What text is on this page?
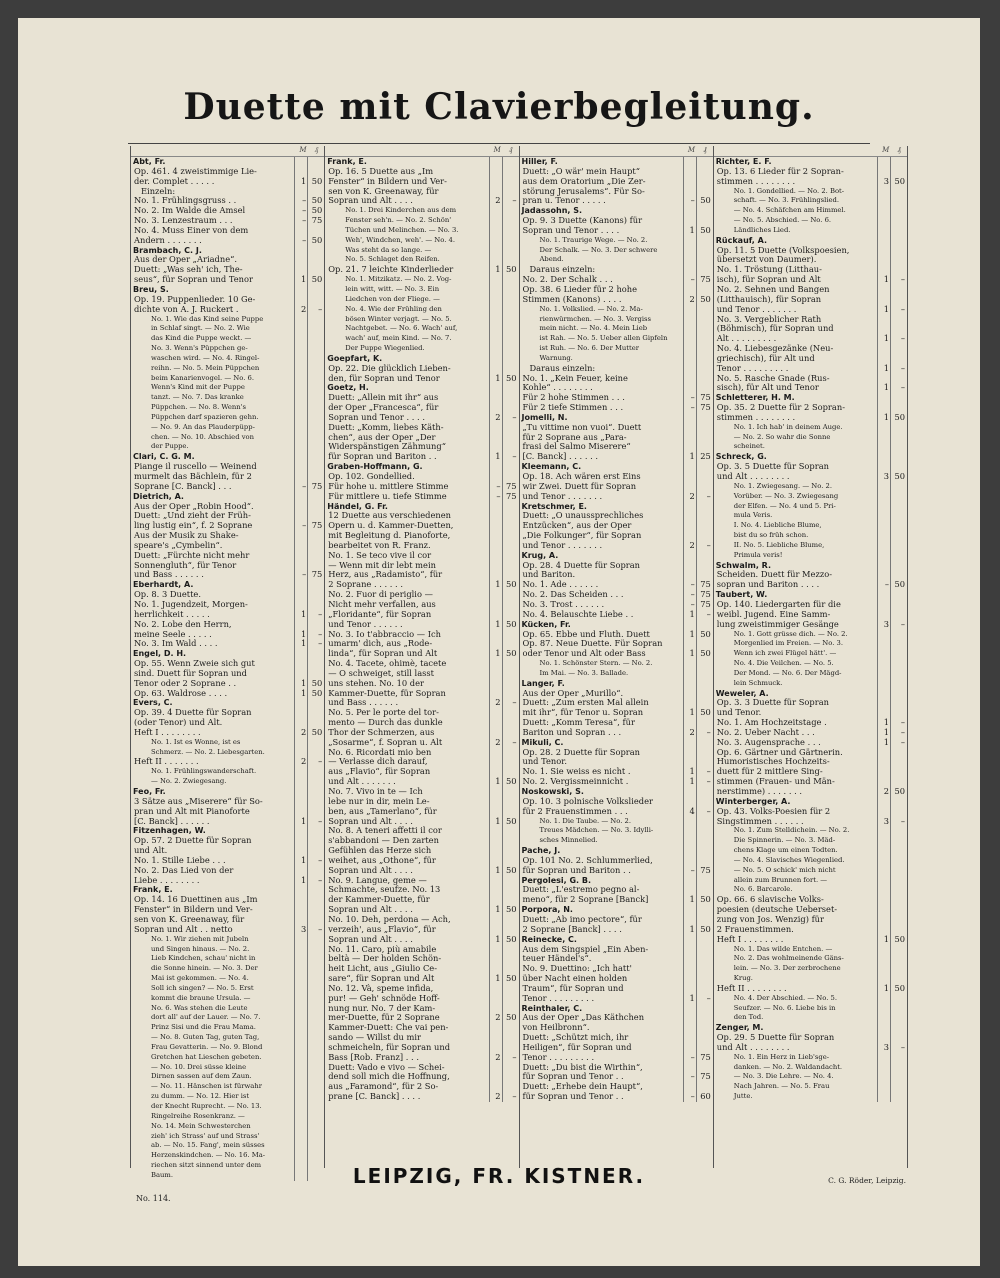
Duette mit Clavierbegleitung.
M ₰
Abt, Fr.
Op. 461. 4 zweistimmige Lie-
der. Complet . . . . .	1 50
Einzeln:
No. 1. Frühlingsgruss . .	– 50
No. 2. Im Walde die Amsel	– 50
No. 3. Lenzestraum . . .	– 75
No. 4. Muss Einer von dem
Andern . . . . . . .	– 50
Brambach, C. J.
Aus der Oper „Ariadne“.
Duett: „Was seh' ich, The-
seus“, für Sopran und Tenor	1 50
Breu, S.
Op. 19. Puppenlieder. 10 Ge-
dichte von A. J. Ruckert .	2	–
No. 1. Wie das Kind seine Puppe
in Schlaf singt. — No. 2. Wie
das Kind die Puppe weckt. —
No. 3. Wenn's Püppchen ge-
waschen wird. — No. 4. Ringel-
reihn. — No. 5. Mein Püppchen
beim Kanarienvogel. — No. 6.
Wenn's Kind mit der Puppe
tanzt. — No. 7. Das kranke
Püppchen. — No. 8. Wenn's
Püppchen darf spazieren gehn.
— No. 9. An das Plauderpüpp-
chen. — No. 10. Abschied von
der Puppe.
Clari, C. G. M.
Piange il ruscello — Weinend
murmelt das Bächlein, für 2
Soprane [C. Banck] . . .	– 75
Dietrich, A.
Aus der Oper „Robin Hood“.
Duett: „Und zieht der Früh-
ling lustig ein“, f. 2 Soprane	– 75
Aus der Musik zu Shake-
speare's „Cymbelin“.
Duett: „Fürchte nicht mehr
Sonnengluth“, für Tenor
und Bass . . . . . .	– 75
Eberhardt, A.
Op. 8. 3 Duette.
No. 1. Jugendzeit, Morgen-
herrlichkeit . . . . .	1	–
No. 2. Lobe den Herrn,
meine Seele . . . . .	1	–
No. 3. Im Wald . . . .	1	–
Engel, D. H.
Op. 55. Wenn Zweie sich gut
sind. Duett für Sopran und
Tenor oder 2 Soprane . .	1 50
Op. 63. Waldrose . . . .	1 50
Evers, C.
Op. 39. 4 Duette für Sopran
(oder Tenor) und Alt.
Heft I . . . . . . . .	2 50
No. 1. Ist es Wonne, ist es
Schmerz. — No. 2. Liebesgarten.
Heft II . . . . . . .	2	–
No. 1. Frühlingswanderschaft.
— No. 2. Zwiegesang.
Feo, Fr.
3 Sätze aus „Miserere“ für So-
pran und Alt mit Pianoforte
[C. Banck] . . . . . .	1	–
Fitzenhagen, W.
Op. 57. 2 Duette für Sopran
und Alt.
No. 1. Stille Liebe . . .	1	–
No. 2. Das Lied von der
Liebe . . . . . . . .	1	–
Frank, E.
Op. 14. 16 Duettinen aus „Im
Fenster“ in Bildern und Ver-
sen von K. Greenaway, für
Sopran und Alt . . netto	3	–
No. 1. Wir ziehen mit Jubeln
und Singen hinaus. — No. 2.
Lieb Kindchen, schau' nicht in
die Sonne hinein. — No. 3. Der
Mai ist gekommen. — No. 4.
Soll ich singen? — No. 5. Erst
kommt die braune Ursula. —
No. 6. Was stehen die Leute
dort all' auf der Lauer. — No. 7.
Prinz Sisi und die Frau Mama.
— No. 8. Guten Tag, guten Tag,
Frau Gevatterin. — No. 9. Blond
Gretchen hat Lieschen gebeten.
— No. 10. Drei süsse kleine
Dirnen sassen auf dem Zaun.
— No. 11. Hänschen ist fürwahr
zu dumm. — No. 12. Hier ist
der Knecht Ruprecht. — No. 13.
Ringelreihe Rosenkranz. —
No. 14. Mein Schwesterchen
zieh' ich Strass' auf und Strass'
ab. — No. 15. Fang', mein süsses
Herzenskindchen. — No. 16. Ma-
riechen sitzt sinnend unter dem
Baum.
M ₰
Frank, E.
Op. 16. 5 Duette aus „Im
Fenster“ in Bildern und Ver-
sen von K. Greenaway, für
Sopran und Alt . . . .	2	–
No. 1. Drei Kinderchen aus dem
Fenster seh'n. — No. 2. Schön'
Tüchen und Melinchen. — No. 3.
Weh', Windchen, weh'. — No. 4.
Was steht da so lange. —
No. 5. Schlaget den Reifen.
Op. 21. 7 leichte Kinderlieder	1 50
No. 1. Mitzikatz. — No. 2. Vog-
lein witt, witt. — No. 3. Ein
Liedchen von der Fliege. —
No. 4. Wie der Frühling den
bösen Winter verjagt. — No. 5.
Nachtgebet. — No. 6. Wach' auf,
wach' auf, mein Kind. — No. 7.
Der Puppe Wiegenlied.
Goepfart, K.
Op. 22. Die glücklich Lieben-
den, für Sopran und Tenor	1 50
Goetz, H.
Duett: „Allein mit ihr“ aus
der Oper „Francesca“, für
Sopran und Tenor . . . .	2	–
Duett: „Komm, liebes Käth-
chen“, aus der Oper „Der
Widerspänstigen Zähmung“
für Sopran und Bariton . .	1	–
Graben-Hoffmann, G.
Op. 102. Gondellied.
Für hohe u. mittlere Stimme	– 75
Für mittlere u. tiefe Stimme	– 75
Händel, G. Fr.
12 Duette aus verschiedenen
Opern u. d. Kammer-Duetten,
mit Begleitung d. Pianoforte,
bearbeitet von R. Franz.
No. 1. Se teco vive il cor
— Wenn mit dir lebt mein
Herz, aus „Radamisto“, für
2 Soprane . . . . . .	1 50
No. 2. Fuor di periglio —
Nicht mehr verfallen, aus
„Floridante“, für Sopran
und Tenor . . . . . .	1 50
No. 3. Io t'abbraccio — Ich
umarm' dich, aus „Rode-
linda“, für Sopran und Alt	1 50
No. 4. Tacete, ohimè, tacete
— O schweiget, still lasst
uns stehen. No. 10 der
Kammer-Duette, für Sopran
und Bass . . . . . .	2	–
No. 5. Per le porte del tor-
mento — Durch das dunkle
Thor der Schmerzen, aus
„Sosarme“, f. Sopran u. Alt	2	–
No. 6. Ricordati mio ben
— Verlasse dich darauf,
aus „Flavio“, für Sopran
und Alt . . . . . . .	1 50
No. 7. Vivo in te — Ich
lebe nur in dir, mein Le-
ben, aus „Tamerlano“, für
Sopran und Alt . . . .	1 50
No. 8. A teneri affetti il cor
s'abbandoni — Den zarten
Gefühlen das Herze sich
weihet, aus „Othone“, für
Sopran und Alt . . . .	1 50
No. 9. Langue, geme —
Schmachte, seufze. No. 13
der Kammer-Duette, für
Sopran und Alt . . . .	1 50
No. 10. Deh, perdona — Ach,
verzeih', aus „Flavio“, für
Sopran und Alt . . . .	1 50
No. 11. Caro, più amabile
beltà — Der holden Schön-
heit Licht, aus „Giulio Ce-
sare“, für Sopran und Alt	1 50
No. 12. Và, speme infida,
pur! — Geh' schnöde Hoff-
nung nur. No. 7 der Kam-
mer-Duette, für 2 Soprane	2 50
Kammer-Duett: Che vai pen-
sando — Willst du mir
schmeicheln, für Sopran und
Bass [Rob. Franz] . . .	2	–
Duett: Vado e vivo — Schei-
dend soll mich die Hoffnung,
aus „Faramond“, für 2 So-
prane [C. Banck] . . . .	2	–
M ₰
Hiller, F.
Duett: „O wär' mein Haupt“
aus dem Oratorium „Die Zer-
störung Jerusalems“. Für So-
pran u. Tenor . . . . .	– 50
Jadassohn, S.
Op. 9. 3 Duette (Kanons) für
Sopran und Tenor . . . .	1 50
No. 1. Traurige Wege. — No. 2.
Der Schalk. — No. 3. Der schwere
Abend.
Daraus einzeln:
No. 2. Der Schalk . . .	– 75
Op. 38. 6 Lieder für 2 hohe
Stimmen (Kanons) . . . .	2 50
No. 1. Volkslied. — No. 2. Ma-
rienwürmchen. — No. 3. Vergiss
mein nicht. — No. 4. Mein Lieb
ist Rah. — No. 5. Ueber allen Gipfeln
ist Ruh. — No. 6. Der Mutter
Warnung.
Daraus einzeln:
No. 1. „Kein Feuer, keine
Kohle“ . . . . . . . .
Für 2 hohe Stimmen . . .	– 75
Für 2 tiefe Stimmen . . .	– 75
Jomelli, N.
„Tu vittime non vuoi“. Duett
für 2 Soprane aus „Para-
frasi del Salmo Miserere“
[C. Banck] . . . . . .	1 25
Kleemann, C.
Op. 18. Ach wären erst Eins
wir Zwei. Duett für Sopran
und Tenor . . . . . . .	2	–
Kretschmer, E.
Duett: „O unaussprechliches
Entzücken“, aus der Oper
„Die Folkunger“, für Sopran
und Tenor . . . . . . .	2	–
Krug, A.
Op. 28. 4 Duette für Sopran
und Bariton.
No. 1. Ade . . . . . .	– 75
No. 2. Das Scheiden . . .	– 75
No. 3. Trost . . . . . .	– 75
No. 4. Belauschte Liebe . .	1	–
Kücken, Fr.
Op. 65. Ebbe und Fluth. Duett	1 50
Op. 87. Neue Duette. Für Sopran
oder Tenor und Alt oder Bass	1 50
No. 1. Schönster Stern. — No. 2.
Im Mai. — No. 3. Ballade.
Langer, F.
Aus der Oper „Murillo“.
Duett: „Zum ersten Mal allein
mit ihr“, für Tenor u. Sopran	1 50
Duett: „Komm Teresa“, für
Bariton und Sopran . . .	2	–
Mikuli, C.
Op. 28. 2 Duette für Sopran
und Tenor.
No. 1. Sie weiss es nicht .	1	–
No. 2. Vergissmeinnicht .	1	–
Noskowski, S.
Op. 10. 3 polnische Volkslieder
für 2 Frauenstimmen . . .	4	–
No. 1. Die Taube. — No. 2.
Treues Mädchen. — No. 3. Idylli-
sches Minnelied.
Pache, J.
Op. 101 No. 2. Schlummerlied,
für Sopran und Bariton . .	– 75
Pergolesi, G. B.
Duett: „L'estremo pegno al-
meno“, für 2 Soprane [Banck]	1 50
Porpora, N.
Duett: „Ab imo pectore“, für
2 Soprane [Banck] . . . .	1 50
Reinecke, C.
Aus dem Singspiel „Ein Aben-
teuer Händel's“.
No. 9. Duettino: „Ich hatt'
über Nacht einen holden
Traum“, für Sopran und
Tenor . . . . . . . . .	1	–
Reinthaler, C.
Aus der Oper „Das Käthchen
von Heilbronn“.
Duett: „Schützt mich, ihr
Heiligen“, für Sopran und
Tenor . . . . . . . . .	– 75
Duett: „Du bist die Wirthin“,
für Sopran und Tenor . .	– 75
Duett: „Erhebe dein Haupt“,
für Sopran und Tenor . .	– 60
M ₰
Richter, E. F.
Op. 13. 6 Lieder für 2 Sopran-
stimmen . . . . . . . .	3 50
No. 1. Gondellied. — No. 2. Bot-
schaft. — No. 3. Frühlingslied.
— No. 4. Schäfchen am Himmel.
— No. 5. Abschied. — No. 6.
Ländliches Lied.
Rückauf, A.
Op. 11. 5 Duette (Volkspoesien,
übersetzt von Daumer).
No. 1. Tröstung (Litthau-
isch), für Sopran und Alt	1	–
No. 2. Sehnen und Bangen
(Litthauisch), für Sopran
und Tenor . . . . . . .	1	–
No. 3. Vergeblicher Rath
(Böhmisch), für Sopran und
Alt . . . . . . . . .	1	–
No. 4. Liebesgezänke (Neu-
griechisch), für Alt und
Tenor . . . . . . . . .	1	–
No. 5. Rasche Gnade (Rus-
sisch), für Alt und Tenor	1	–
Schletterer, H. M.
Op. 35. 2 Duette für 2 Sopran-
stimmen . . . . . . . .	1 50
No. 1. Ich hab' in deinem Auge.
— No. 2. So wahr die Sonne
scheinet.
Schreck, G.
Op. 3. 5 Duette für Sopran
und Alt . . . . . . . .	3 50
No. 1. Zwiegesang. — No. 2.
Vorüber. — No. 3. Zwiegesang
der Elfen. — No. 4 und 5. Pri-
mula Veris.
I. No. 4. Liebliche Blume,
bist du so früh schon.
II. No. 5. Liebliche Blume,
Primula veris!
Schwalm, R.
Scheiden. Duett für Mezzo-
sopran und Bariton . . . .	– 50
Taubert, W.
Op. 140. Liedergarten für die
weibl. Jugend. Eine Samm-
lung zweistimmiger Gesänge	3	–
No. 1. Gott grüsse dich. — No. 2.
Morgenlied im Freien. — No. 3.
Wenn ich zwei Flügel hätt'. —
No. 4. Die Veilchen. — No. 5.
Der Mond. — No. 6. Der Mägd-
lein Schmuck.
Weweler, A.
Op. 3. 3 Duette für Sopran
und Tenor.
No. 1. Am Hochzeitstage .	1	–
No. 2. Ueber Nacht . . .	1	–
No. 3. Augensprache . . .	1	–
Op. 6. Gärtner und Gärtnerin.
Humoristisches Hochzeits-
duett für 2 mittlere Sing-
stimmen (Frauen- und Män-
nerstimme) . . . . . . .	2 50
Winterberger, A.
Op. 43. Volks-Poesien für 2
Singstimmen . . . . . .	3	–
No. 1. Zum Stelldichein. — No. 2.
Die Spinnerin. — No. 3. Mäd-
chens Klage um einen Todten.
— No. 4. Slavisches Wiegenlied.
— No. 5. O schick' mich nicht
allein zum Brunnen fort. —
No. 6. Barcarole.
Op. 66. 6 slavische Volks-
poesien (deutsche Ueberset-
zung von Jos. Wenzig) für
2 Frauenstimmen.
Heft I . . . . . . . .	1 50
No. 1. Das wilde Entchen. —
No. 2. Das wohlmeinende Gäns-
lein. — No. 3. Der zerbrochene
Krug.
Heft II . . . . . . . .	1 50
No. 4. Der Abschied. — No. 5.
Seufzer. — No. 6. Liebe bis in
den Tod.
Zenger, M.
Op. 29. 5 Duette für Sopran
und Alt . . . . . . . .	3	–
No. 1. Ein Herz in Lieb'sge-
danken. — No. 2. Waldandacht.
— No. 3. Die Lehre. — No. 4.
Nach Jahren. — No. 5. Frau
Jutte.
LEIPZIG, FR. KISTNER.
No. 114.
C. G. Röder, Leipzig.
